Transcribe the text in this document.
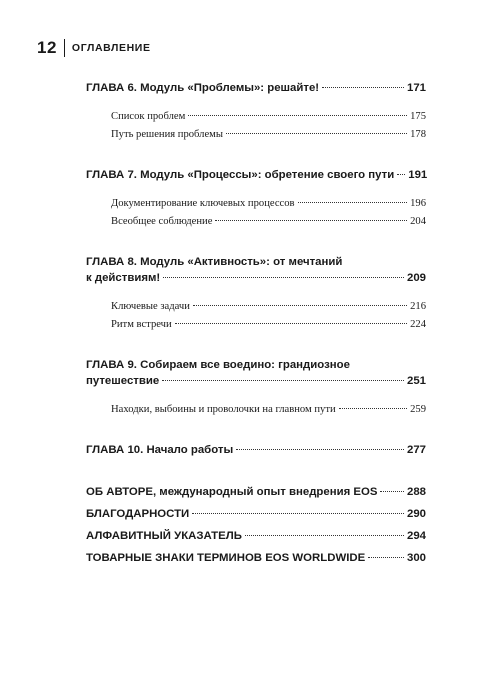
12 ОГЛАВЛЕНИЕ
ГЛАВА 6. Модуль «Проблемы»: решайте!	171
Список проблем	175
Путь решения проблемы	178
ГЛАВА 7. Модуль «Процессы»: обретение своего пути 191
Документирование ключевых процессов	196
Всеобщее соблюдение	204
ГЛАВА 8. Модуль «Активность»: от мечтаний
к действиям!	209
Ключевые задачи	216
Ритм встречи	224
ГЛАВА 9. Собираем все воедино: грандиозное
путешествие	251
Находки, выбоины и проволочки на главном пути	259
ГЛАВА 10. Начало работы	277
ОБ АВТОРЕ, международный опыт внедрения EOS	288
БЛАГОДАРНОСТИ	290
АЛФАВИТНЫЙ УКАЗАТЕЛЬ	294
ТОВАРНЫЕ ЗНАКИ ТЕРМИНОВ EOS WORLDWIDE	300
